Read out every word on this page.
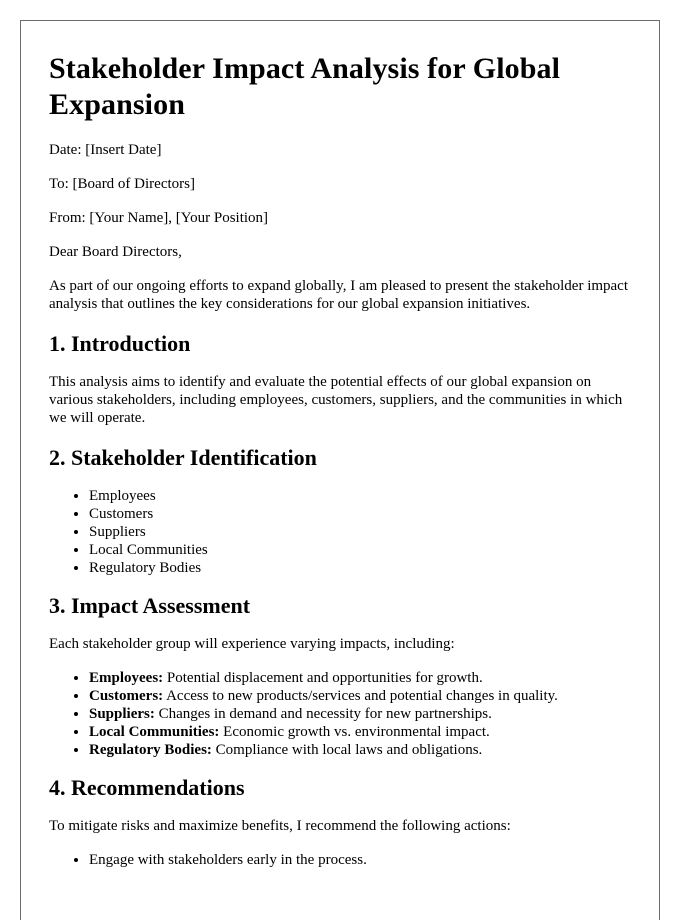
Stakeholder Impact Analysis for Global Expansion

Date: [Insert Date]

To: [Board of Directors]

From: [Your Name], [Your Position]

Dear Board Directors,

As part of our ongoing efforts to expand globally, I am pleased to present the stakeholder impact analysis that outlines the key considerations for our global expansion initiatives.

1. Introduction

This analysis aims to identify and evaluate the potential effects of our global expansion on various stakeholders, including employees, customers, suppliers, and the communities in which we will operate.

2. Stakeholder Identification
• Employees
• Customers
• Suppliers
• Local Communities
• Regulatory Bodies
3. Impact Assessment

Each stakeholder group will experience varying impacts, including:

• Employees: Potential displacement and opportunities for growth.
• Customers: Access to new products/services and potential changes in quality.
• Suppliers: Changes in demand and necessity for new partnerships.
• Local Communities: Economic growth vs. environmental impact.
• Regulatory Bodies: Compliance with local laws and obligations.
4. Recommendations

To mitigate risks and maximize benefits, I recommend the following actions:

• Engage with stakeholders early in the process.
